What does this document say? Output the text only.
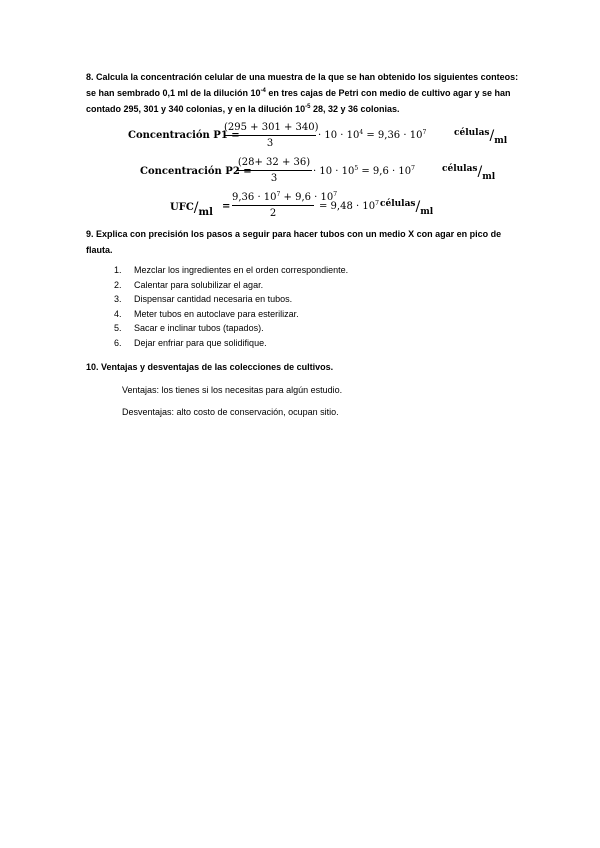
8. Calcula la concentración celular de una muestra de la que se han obtenido los siguientes conteos: se han sembrado 0,1 ml de la dilución $10^{-4}$ en tres cajas de Petri con medio de cultivo agar y se han contado 295, 301 y 340 colonias, y en la dilución $10^{-5}$ 28, 32 y 36 colonias.
Concentración P1 =
(295 + 301 + 340)
3
· $10 \cdot 10^4 = 9,36 \cdot 10^7$	células/ml
Concentración P2 =
(28+ 32 + 36)
3
· $10 \cdot 10^5 = 9,6 \cdot 10^7$	células/ml
UFC/ml
=
$9,36 \cdot 10^7 + 9,6 \cdot 10^7$
2
= $9,48 \cdot 10^7$ células/ml
9. Explica con precisión los pasos a seguir para hacer tubos con un medio X con agar en pico de flauta.
1. Mezclar los ingredientes en el orden correspondiente.
2. Calentar para solubilizar el agar.
3. Dispensar cantidad necesaria en tubos.
4. Meter tubos en autoclave para esterilizar.
5. Sacar e inclinar tubos (tapados).
6. Dejar enfriar para que solidifique.
10. Ventajas y desventajas de las colecciones de cultivos.
Ventajas: los tienes si los necesitas para algún estudio.
Desventajas: alto costo de conservación, ocupan sitio.
